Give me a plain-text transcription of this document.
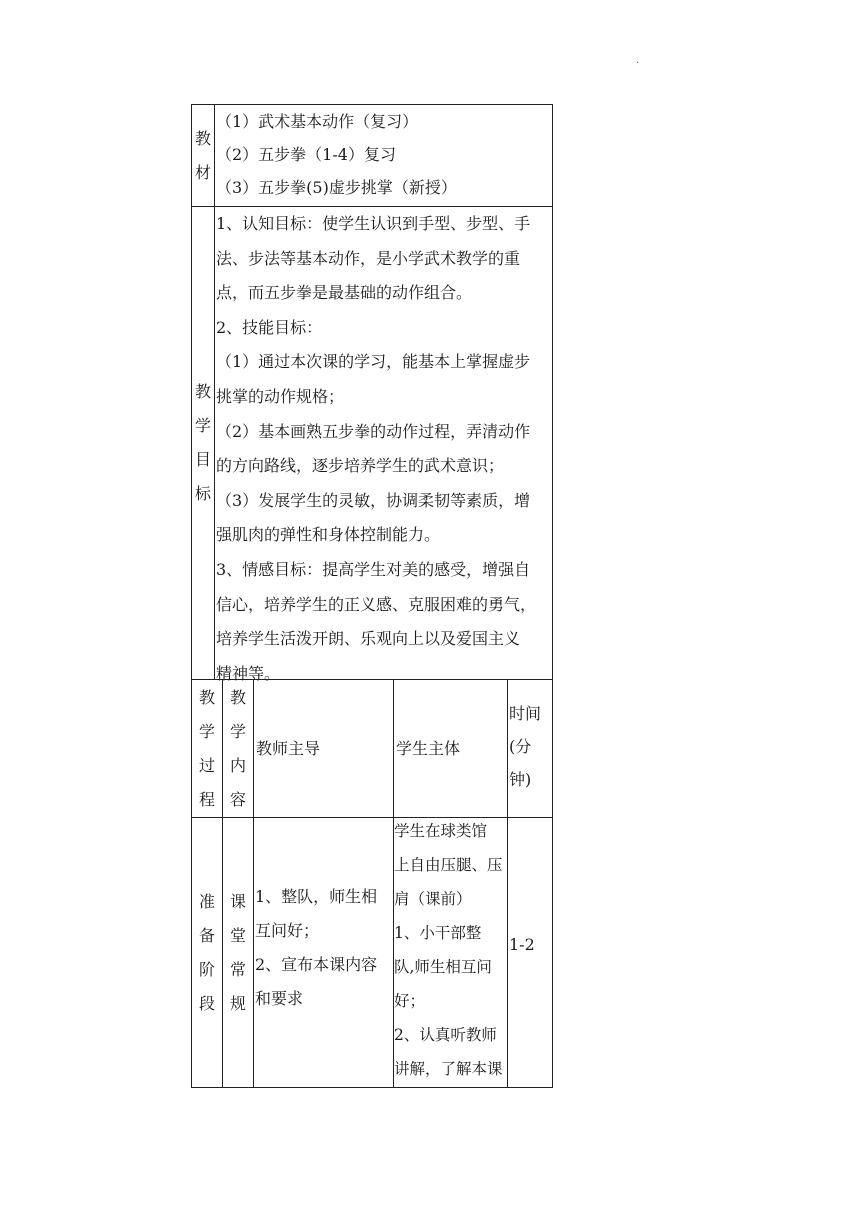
·
教
材
（1）武术基本动作（复习）
（2）五步拳（1-4）复习
（3）五步拳(5)虚步挑掌（新授）
教
学
目
标
1、认知目标：使学生认识到手型、步型、手
法、步法等基本动作，是小学武术教学的重
点，而五步拳是最基础的动作组合。
2、技能目标：
（1）通过本次课的学习，能基本上掌握虚步
挑掌的动作规格；
（2）基本画熟五步拳的动作过程，弄清动作
的方向路线，逐步培养学生的武术意识；
（3）发展学生的灵敏，协调柔韧等素质，增
强肌肉的弹性和身体控制能力。
3、情感目标：提高学生对美的感受，增强自
信心，培养学生的正义感、克服困难的勇气，
培养学生活泼开朗、乐观向上以及爱国主义
精神等。
教
学
过
程
教
学
内
容
教师主导	学生主体
时间
(分
钟)
准
备
阶
段
课
堂
常
规
1、整队，师生相
互问好；
2、宣布本课内容
和要求
学生在球类馆
上自由压腿、压
肩（课前）
1、小干部整
队,师生相互问
好；
2、认真听教师
讲解，了解本课
1-2
